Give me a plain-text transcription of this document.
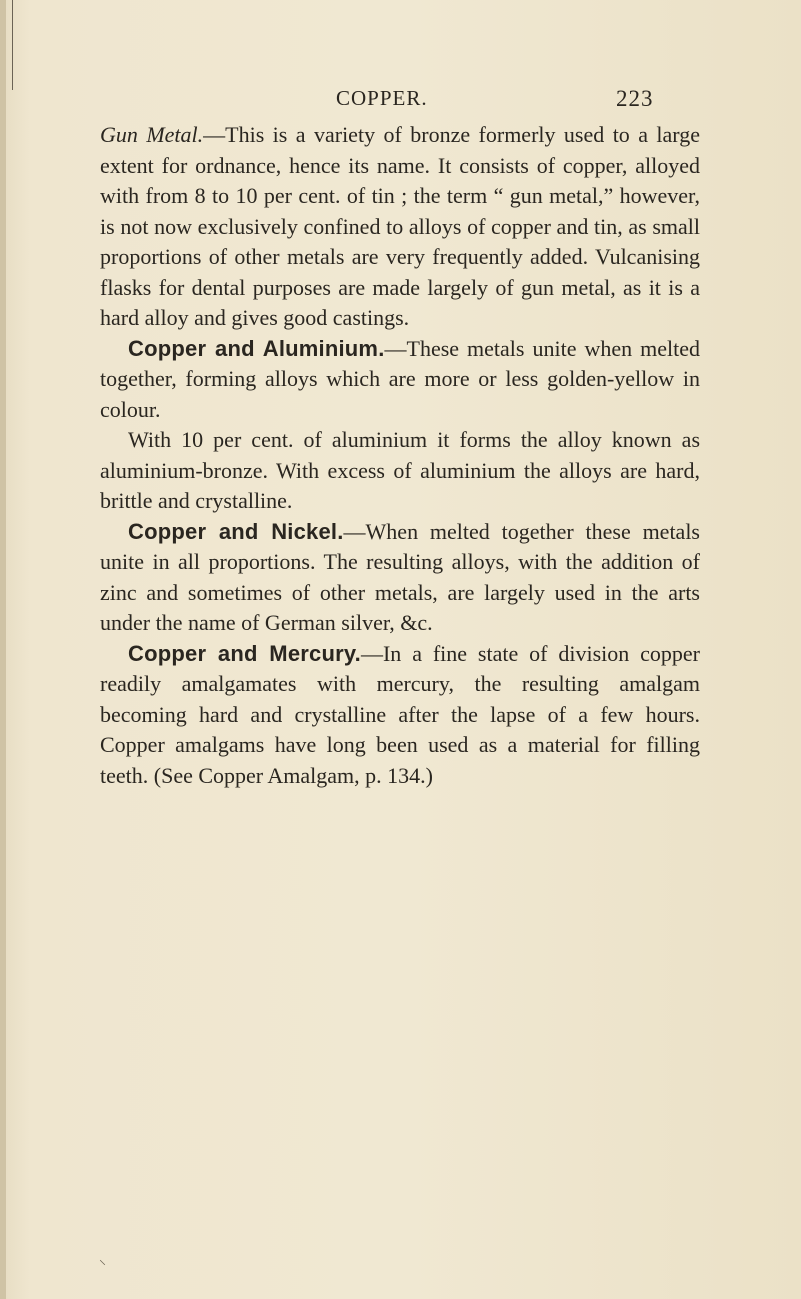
COPPER.	223

Gun Metal.—This is a variety of bronze formerly used to a large extent for ordnance, hence its name. It consists of copper, alloyed with from 8 to 10 per cent. of tin ; the term “ gun metal,” however, is not now exclusively confined to alloys of copper and tin, as small proportions of other metals are very frequently added. Vulcanising flasks for dental purposes are made largely of gun metal, as it is a hard alloy and gives good castings.

Copper and Aluminium.—These metals unite when melted together, forming alloys which are more or less golden-yellow in colour.

With 10 per cent. of aluminium it forms the alloy known as aluminium-bronze. With excess of aluminium the alloys are hard, brittle and crystalline.

Copper and Nickel.—When melted together these metals unite in all proportions. The resulting alloys, with the addition of zinc and sometimes of other metals, are largely used in the arts under the name of German silver, &c.

Copper and Mercury.—In a fine state of division copper readily amalgamates with mercury, the resulting amalgam becoming hard and crystalline after the lapse of a few hours. Copper amalgams have long been used as a material for filling teeth. (See Copper Amalgam, p. 134.)

⸜
